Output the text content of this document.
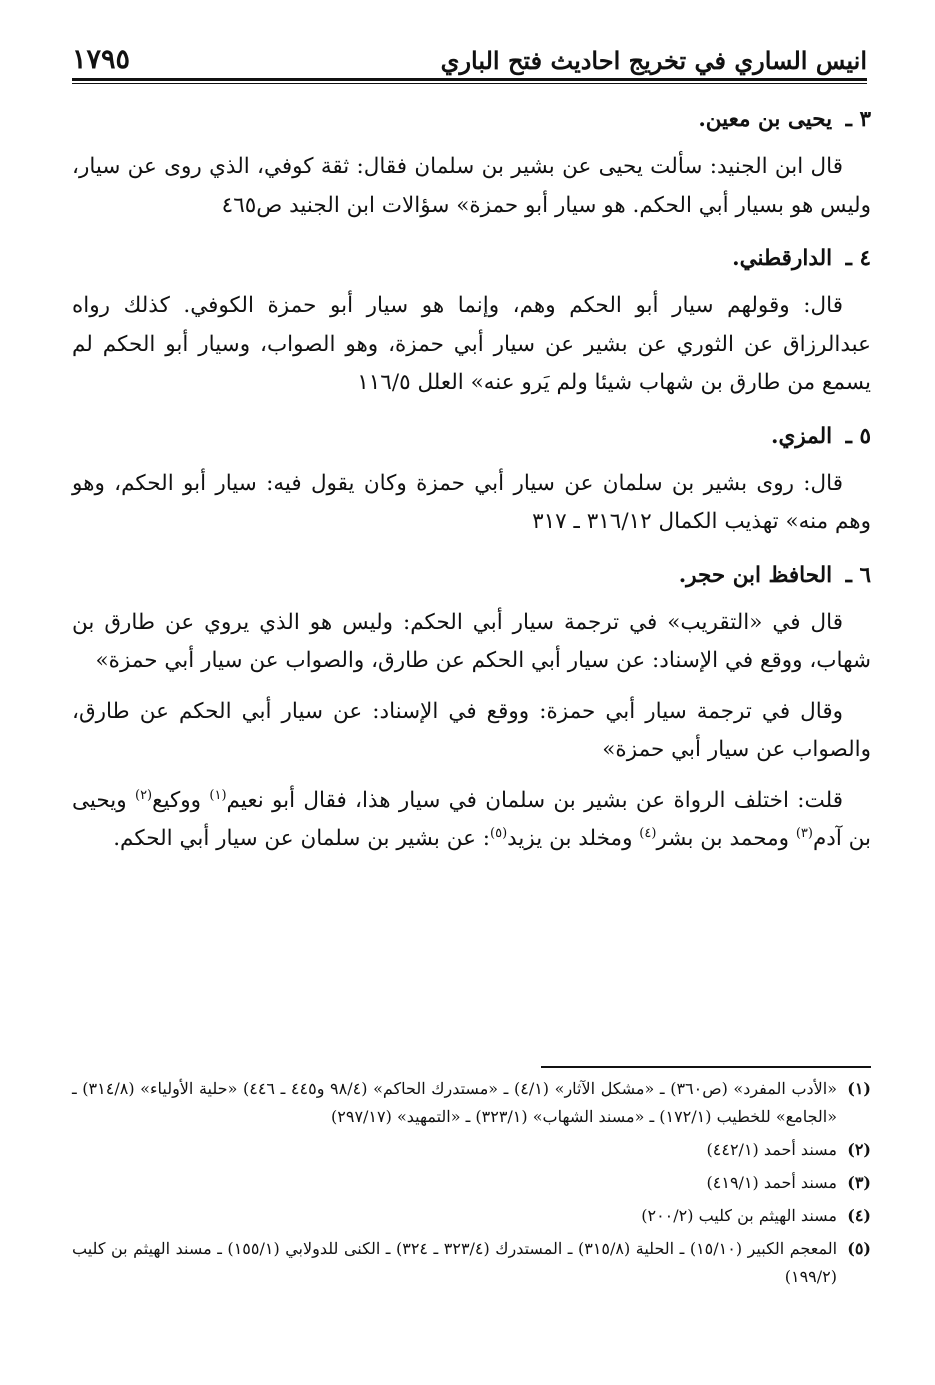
انيس الساري في تخريج احاديث فتح الباري
١٧٩٥
٣ ـ يحيى بن معين.

قال ابن الجنيد: سألت يحيى عن بشير بن سلمان فقال: ثقة كوفي، الذي روى عن سيار، وليس هو بسيار أبي الحكم. هو سيار أبو حمزة» سؤالات ابن الجنيد ص٤٦٥

٤ ـ الدارقطني.

قال: وقولهم سيار أبو الحكم وهم، وإنما هو سيار أبو حمزة الكوفي. كذلك رواه عبدالرزاق عن الثوري عن بشير عن سيار أبي حمزة، وهو الصواب، وسيار أبو الحكم لم يسمع من طارق بن شهاب شيئا ولم يَرو عنه» العلل ١١٦/٥

٥ ـ المزي.

قال: روى بشير بن سلمان عن سيار أبي حمزة وكان يقول فيه: سيار أبو الحكم، وهو وهم منه» تهذيب الكمال ٣١٦/١٢ ـ ٣١٧

٦ ـ الحافظ ابن حجر.

قال في «التقريب» في ترجمة سيار أبي الحكم: وليس هو الذي يروي عن طارق بن شهاب، ووقع في الإسناد: عن سيار أبي الحكم عن طارق، والصواب عن سيار أبي حمزة»

وقال في ترجمة سيار أبي حمزة: ووقع في الإسناد: عن سيار أبي الحكم عن طارق، والصواب عن سيار أبي حمزة»

قلت: اختلف الرواة عن بشير بن سلمان في سيار هذا، فقال أبو نعيم$^{(١)}$ ووكيع$^{(٢)}$ ويحيى بن آدم$^{(٣)}$ ومحمد بن بشر$^{(٤)}$ ومخلد بن يزيد$^{(٥)}$: عن بشير بن سلمان عن سيار أبي الحكم.

(١)
«الأدب المفرد» (ص٣٦٠) ـ «مشكل الآثار» (٤/١) ـ «مستدرك الحاكم» (٩٨/٤ و٤٤٥ ـ ٤٤٦) «حلية الأولياء» (٣١٤/٨) ـ «الجامع» للخطيب (١٧٢/١) ـ «مسند الشهاب» (٣٢٣/١) ـ «التمهيد» (٢٩٧/١٧)
(٢)
مسند أحمد (٤٤٢/١)
(٣)
مسند أحمد (٤١٩/١)
(٤)
مسند الهيثم بن كليب (٢٠٠/٢)
(٥)
المعجم الكبير (١٥/١٠) ـ الحلية (٣١٥/٨) ـ المستدرك (٣٢٣/٤ ـ ٣٢٤) ـ الكنى للدولابي (١٥٥/١) ـ مسند الهيثم بن كليب (١٩٩/٢)
